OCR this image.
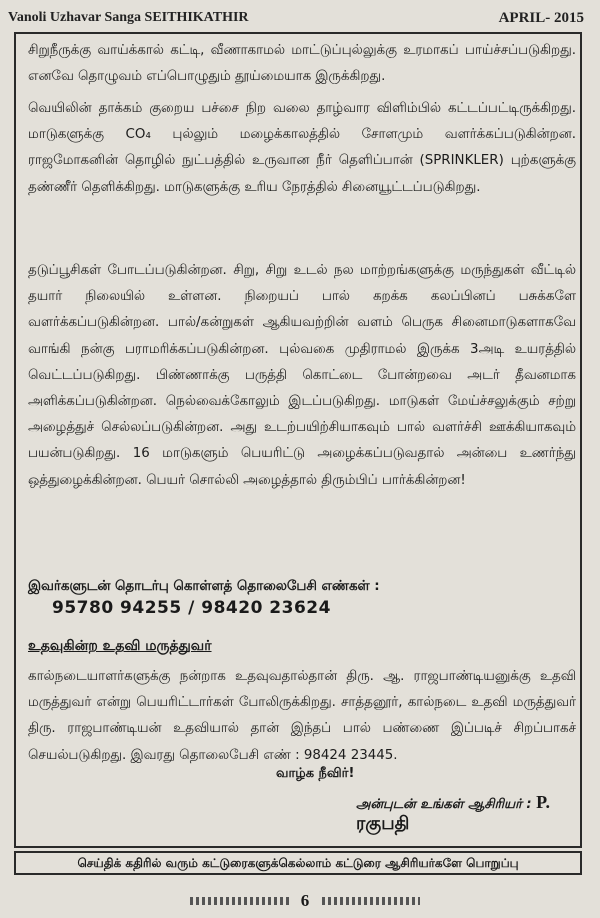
Vanoli Uzhavar Sanga SEITHIKATHIR	APRIL- 2015
சிறுநீருக்கு வாய்க்கால் கட்டி, வீணாகாமல் மாட்டுப்புல்லுக்கு உரமாகப் பாய்ச்சப்படுகிறது. எனவே தொழுவம் எப்பொழுதும் தூய்மையாக இருக்கிறது.
வெயிலின் தாக்கம் குறைய பச்சை நிற வலை தாழ்வார விளிம்பில் கட்டப்பட்டிருக்கிறது. மாடுகளுக்கு CO₄ புல்லும் மழைக்காலத்தில் சோளமும் வளர்க்கப்படுகின்றன. ராஜமோகனின் தொழில் நுட்பத்தில் உருவான நீர் தெளிப்பான் (SPRINKLER) புற்களுக்கு தண்ணீர் தெளிக்கிறது. மாடுகளுக்கு உரிய நேரத்தில் சினையூட்டப்படுகிறது.
தடுப்பூசிகள் போடப்படுகின்றன. சிறு, சிறு உடல் நல மாற்றங்களுக்கு மருந்துகள் வீட்டில் தயார் நிலையில் உள்ளன. நிறையப் பால் கறக்க கலப்பினப் பசுக்களே வளர்க்கப்படுகின்றன. பால்/கன்றுகள் ஆகியவற்றின் வளம் பெருக சினைமாடுகளாகவே வாங்கி நன்கு பராமரிக்கப்படுகின்றன. புல்வகை முதிராமல் இருக்க 3அடி உயரத்தில் வெட்டப்படுகிறது. பிண்ணாக்கு பருத்தி கொட்டை போன்றவை அடர் தீவனமாக அளிக்கப்படுகின்றன. நெல்வைக்கோலும் இடப்படுகிறது. மாடுகள் மேய்ச்சலுக்கும் சற்று அழைத்துச் செல்லப்படுகின்றன. அது உடற்பயிற்சியாகவும் பால் வளர்ச்சி ஊக்கியாகவும் பயன்படுகிறது. 16 மாடுகளும் பெயரிட்டு அழைக்கப்படுவதால் அன்பை உணர்ந்து ஒத்துழைக்கின்றன. பெயர் சொல்லி அழைத்தால் திரும்பிப் பார்க்கின்றன!
இவர்களுடன் தொடர்பு கொள்ளத் தொலைபேசி எண்கள் :
95780 94255 / 98420 23624
உதவுகின்ற உதவி மருத்துவர்
கால்நடையாளர்களுக்கு நன்றாக உதவுவதால்தான் திரு. ஆ. ராஜபாண்டியனுக்கு உதவி மருத்துவர் என்று பெயரிட்டார்கள் போலிருக்கிறது. சாத்தனூர், கால்நடை உதவி மருத்துவர் திரு. ராஜபாண்டியன் உதவியால் தான் இந்தப் பால் பண்ணை இப்படிச் சிறப்பாகச் செயல்படுகிறது. இவரது தொலைபேசி எண் : 98424 23445.
வாழ்க நீவிர்!
அன்புடன் உங்கள் ஆசிரியர் : P. ரகுபதி
செய்திக் கதிரில் வரும் கட்டுரைகளுக்கெல்லாம் கட்டுரை ஆசிரியர்களே பொறுப்பு
6
